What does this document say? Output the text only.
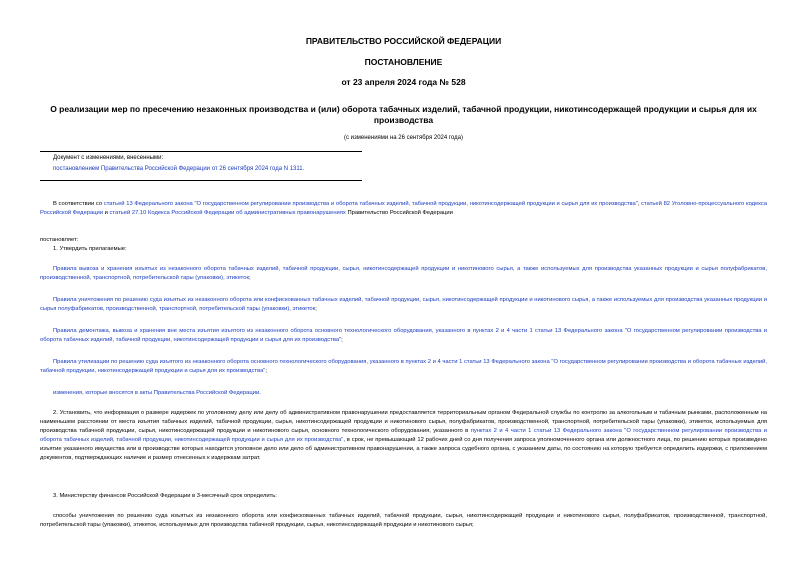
ПРАВИТЕЛЬСТВО РОССИЙСКОЙ ФЕДЕРАЦИИ
ПОСТАНОВЛЕНИЕ
от 23 апреля 2024 года № 528
О реализации мер по пресечению незаконных производства и (или) оборота табачных изделий, табачной продукции, никотинсодержащей продукции и сырья для их производства
(с изменениями на 26 сентября 2024 года)
Документ с изменениями, внесенными:
постановлением Правительства Российской Федерации от 26 сентября 2024 года N 1311.
В соответствии со статьей 13 Федерального закона "О государственном регулировании производства и оборота табачных изделий, табачной продукции, никотинсодержащей продукции и сырья для их производства", статьей 82 Уголовно-процессуального кодекса Российской Федерации и статьей 27.10 Кодекса Российской Федерации об административных правонарушениях Правительство Российской Федерации
постановляет:
1. Утвердить прилагаемые:
Правила вывоза и хранения изъятых из незаконного оборота табачных изделий, табачной продукции, сырья, никотинсодержащей продукции и никотинового сырья, а также используемых для производства указанных продукции и сырья полуфабрикатов, производственной, транспортной, потребительской тары (упаковки), этикеток;
Правила уничтожения по решению суда изъятых из незаконного оборота или конфискованных табачных изделий, табачной продукции, сырья, никотинсодержащей продукции и никотинового сырья, а также используемых для производства указанных продукции и сырья полуфабрикатов, производственной, транспортной, потребительской тары (упаковки), этикеток;
Правила демонтажа, вывоза и хранения вне места изъятия изъятого из незаконного оборота основного технологического оборудования, указанного в пунктах 2 и 4 части 1 статьи 13 Федерального закона "О государственном регулировании производства и оборота табачных изделий, табачной продукции, никотинсодержащей продукции и сырья для их производства";
Правила утилизации по решению суда изъятого из незаконного оборота основного технологического оборудования, указанного в пунктах 2 и 4 части 1 статьи 13 Федерального закона "О государственном регулировании производства и оборота табачных изделий, табачной продукции, никотинсодержащей продукции и сырья для их производства";
изменения, которые вносятся в акты Правительства Российской Федерации.
2. Установить, что информация о размере издержек по уголовному делу или делу об административном правонарушении предоставляется территориальным органом Федеральной службы по контролю за алкогольным и табачным рынками, расположенным на наименьшем расстоянии от места изъятия табачных изделий, табачной продукции, сырья, никотинсодержащей продукции и никотинового сырья, полуфабрикатов, производственной, транспортной, потребительской тары (упаковки), этикеток, используемых для производства табачной продукции, сырья, никотинсодержащей продукции и никотинового сырья, основного технологического оборудования, указанного в пунктах 2 и 4 части 1 статьи 13 Федерального закона "О государственном регулировании производства и оборота табачных изделий, табачной продукции, никотинсодержащей продукции и сырья для их производства", в срок, не превышающий 12 рабочих дней со дня получения запроса уполномоченного органа или должностного лица, по решению которых произведено изъятие указанного имущества или в производстве которых находится уголовное дело или дело об административном правонарушении, а также запроса судебного органа, с указанием даты, по состоянию на которую требуется определить издержки, с приложением документов, подтверждающих наличие и размер отнесенных к издержкам затрат.
3. Министерству финансов Российской Федерации в 3-месячный срок определить:
способы уничтожения по решению суда изъятых из незаконного оборота или конфискованных табачных изделий, табачной продукции, сырья, никотинсодержащей продукции и никотинового сырья, полуфабрикатов, производственной, транспортной, потребительской тары (упаковки), этикеток, используемых для производства табачной продукции, сырья, никотинсодержащей продукции и никотинового сырья;
